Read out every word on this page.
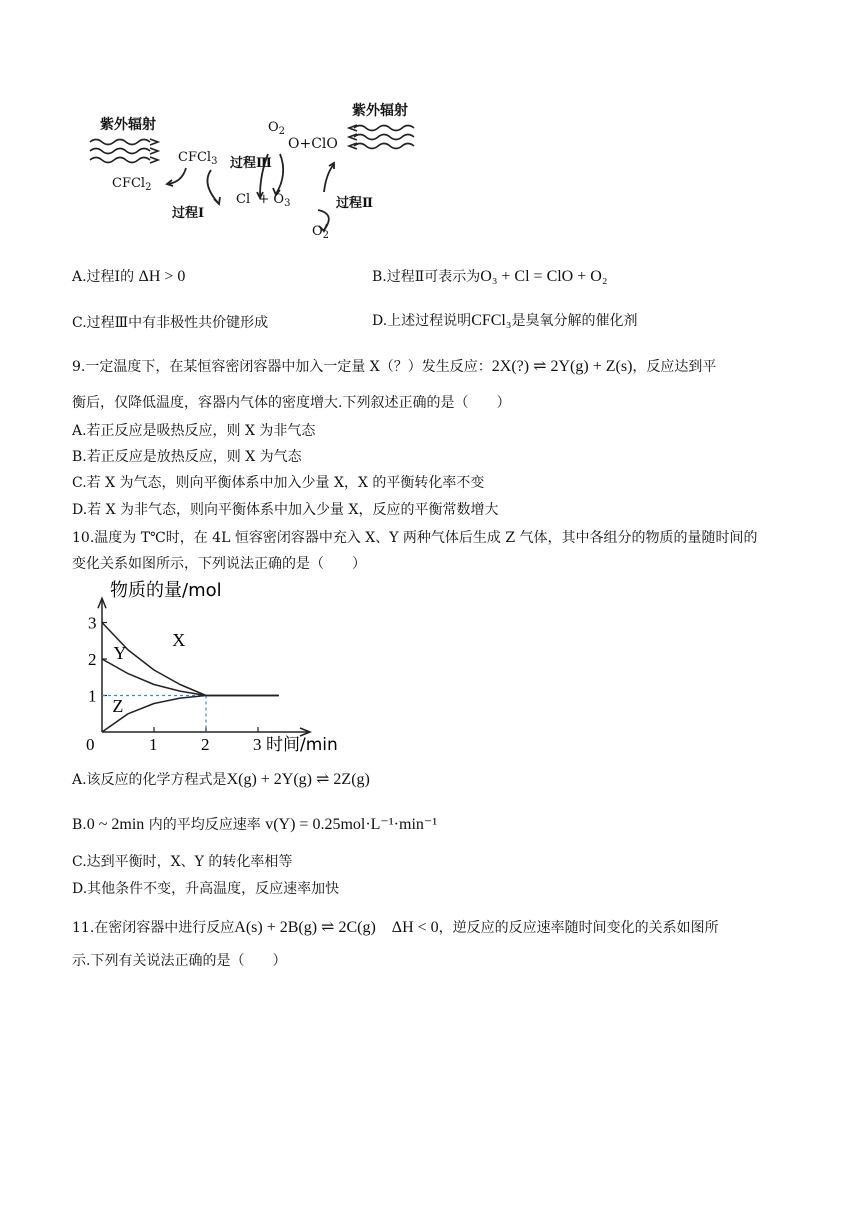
紫外辐射
紫外辐射
CFCl$_3$
CFCl$_2$
$O_2$
O+ClO
过程Ⅲ
过程Ⅰ
过程Ⅱ
$Cl + O_3$
$O_2$
A.过程Ⅰ的 ΔH > 0	B.过程Ⅱ可表示为O₃ + Cl = ClO + O₂
C.过程Ⅲ中有非极性共价键形成	D.上述过程说明CFCl₃是臭氧分解的催化剂
9.一定温度下，在某恒容密闭容器中加入一定量 X（？）发生反应：2X(?) ⇌ 2Y(g) + Z(s)，反应达到平
衡后，仅降低温度，容器内气体的密度增大.下列叙述正确的是（　　）
A.若正反应是吸热反应，则 X 为非气态
B.若正反应是放热反应，则 X 为气态
C.若 X 为气态，则向平衡体系中加入少量 X，X 的平衡转化率不变
D.若 X 为非气态，则向平衡体系中加入少量 X，反应的平衡常数增大
10.温度为 T℃时，在 4L 恒容密闭容器中充入 X、Y 两种气体后生成 Z 气体，其中各组分的物质的量随时间的
变化关系如图所示，下列说法正确的是（　　）
1
2
3
0	1	2	3
物质的量/mol
时间/min
X
Y
Z
A.该反应的化学方程式是X(g) + 2Y(g) ⇌ 2Z(g)
B.0 ~ 2min 内的平均反应速率 v(Y) = 0.25mol·L⁻¹·min⁻¹
C.达到平衡时，X、Y 的转化率相等
D.其他条件不变，升高温度，反应速率加快
11.在密闭容器中进行反应A(s) + 2B(g) ⇌ 2C(g)　ΔH < 0，逆反应的反应速率随时间变化的关系如图所
示.下列有关说法正确的是（　　）
